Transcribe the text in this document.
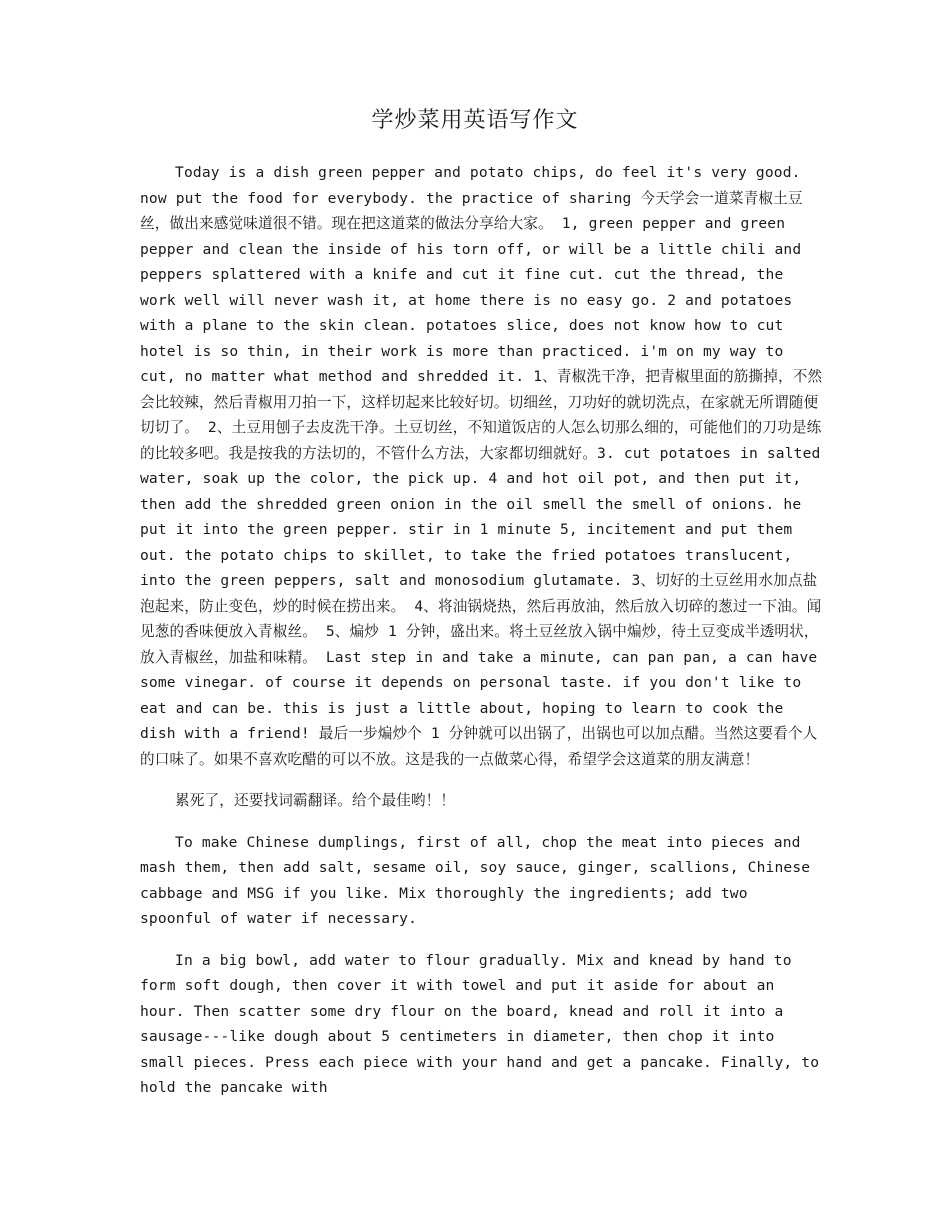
学炒菜用英语写作文

Today is a dish green pepper and potato chips, do feel it's very good. now put the food for everybody. the practice of sharing 今天学会一道菜青椒土豆丝，做出来感觉味道很不错。现在把这道菜的做法分享给大家。 1, green pepper and green pepper and clean the inside of his torn off, or will be a little chili and peppers splattered with a knife and cut it fine cut. cut the thread, the work well will never wash it, at home there is no easy go. 2 and potatoes with a plane to the skin clean. potatoes slice, does not know how to cut hotel is so thin, in their work is more than practiced. i'm on my way to cut, no matter what method and shredded it. 1、青椒洗干净，把青椒里面的筋撕掉，不然会比较辣，然后青椒用刀拍一下，这样切起来比较好切。切细丝，刀功好的就切洗点，在家就无所谓随便切切了。 2、土豆用刨子去皮洗干净。土豆切丝，不知道饭店的人怎么切那么细的，可能他们的刀功是练的比较多吧。我是按我的方法切的，不管什么方法，大家都切细就好。3. cut potatoes in salted water, soak up the color, the pick up. 4 and hot oil pot, and then put it, then add the shredded green onion in the oil smell the smell of onions. he put it into the green pepper. stir in 1 minute 5, incitement and put them out. the potato chips to skillet, to take the fried potatoes translucent, into the green peppers, salt and monosodium glutamate. 3、切好的土豆丝用水加点盐泡起来，防止变色，炒的时候在捞出来。 4、将油锅烧热，然后再放油，然后放入切碎的葱过一下油。闻见葱的香味便放入青椒丝。 5、煸炒 1 分钟，盛出来。将土豆丝放入锅中煸炒，待土豆变成半透明状，放入青椒丝，加盐和味精。 Last step in and take a minute, can pan pan, a can have some vinegar. of course it depends on personal taste. if you don't like to eat and can be. this is just a little about, hoping to learn to cook the dish with a friend! 最后一步煸炒个 1 分钟就可以出锅了，出锅也可以加点醋。当然这要看个人的口味了。如果不喜欢吃醋的可以不放。这是我的一点做菜心得，希望学会这道菜的朋友满意！

累死了，还要找词霸翻译。给个最佳哟！！

To make Chinese dumplings, first of all, chop the meat into pieces and mash them, then add salt, sesame oil, soy sauce, ginger, scallions, Chinese cabbage and MSG if you like. Mix thoroughly the ingredients; add two spoonful of water if necessary.

In a big bowl, add water to flour gradually. Mix and knead by hand to form soft dough, then cover it with towel and put it aside for about an hour. Then scatter some dry flour on the board, knead and roll it into a sausage---like dough about 5 centimeters in diameter, then chop it into small pieces. Press each piece with your hand and get a pancake. Finally, to hold the pancake with
